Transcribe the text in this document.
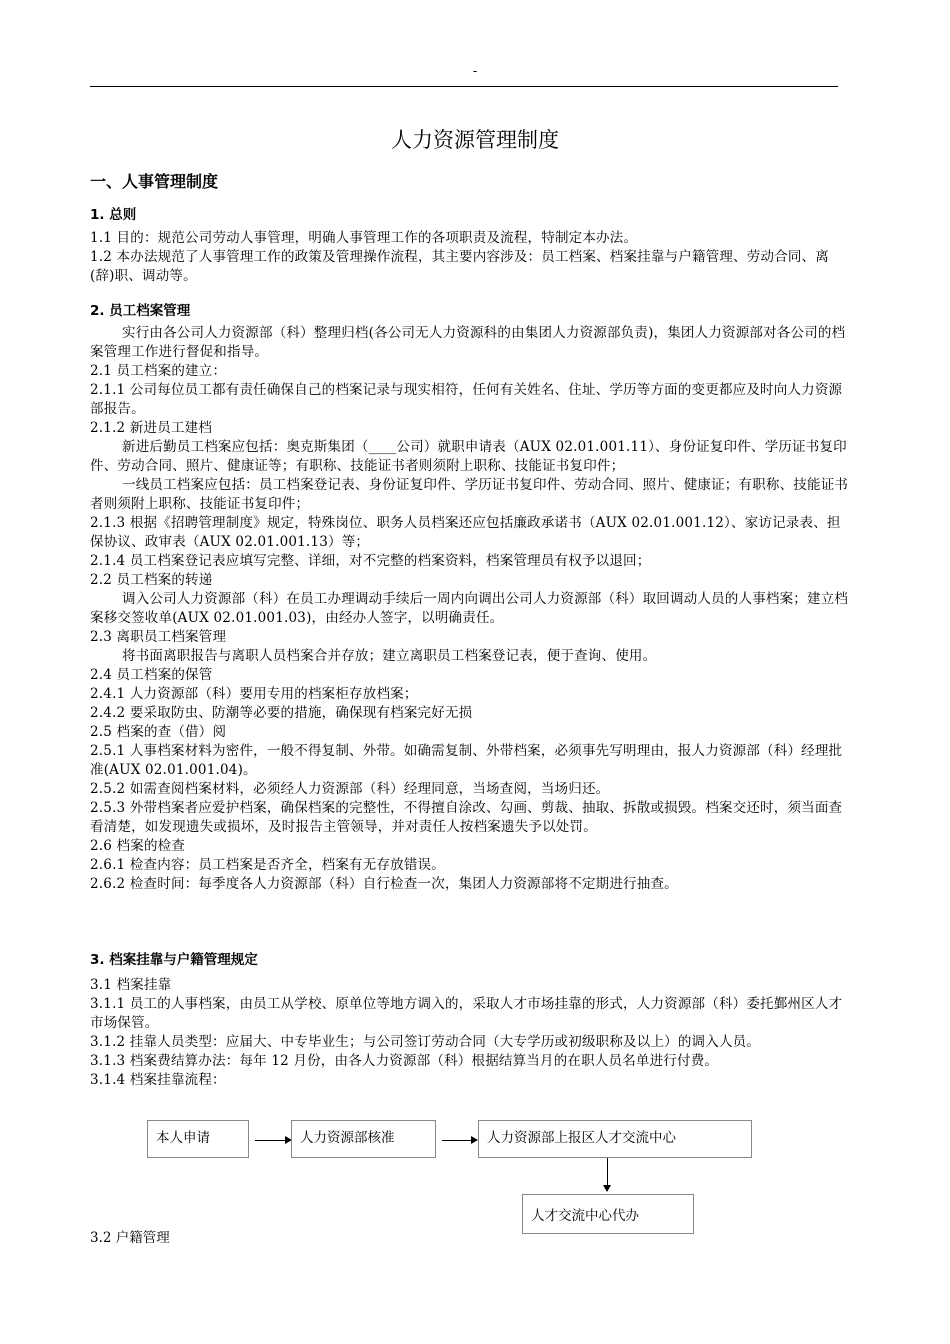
-
人力资源管理制度
一、人事管理制度
1. 总则

1.1 目的：规范公司劳动人事管理，明确人事管理工作的各项职责及流程，特制定本办法。

1.2 本办法规范了人事管理工作的政策及管理操作流程，其主要内容涉及：员工档案、档案挂靠与户籍管理、劳动合同、离(辞)职、调动等。

2. 员工档案管理

实行由各公司人力资源部（科）整理归档(各公司无人力资源科的由集团人力资源部负责)，集团人力资源部对各公司的档案管理工作进行督促和指导。

2.1 员工档案的建立：

2.1.1 公司每位员工都有责任确保自己的档案记录与现实相符，任何有关姓名、住址、学历等方面的变更都应及时向人力资源部报告。

2.1.2 新进员工建档

新进后勤员工档案应包括：奥克斯集团（____公司）就职申请表（AUX 02.01.001.11）、身份证复印件、学历证书复印件、劳动合同、照片、健康证等；有职称、技能证书者则须附上职称、技能证书复印件；

一线员工档案应包括：员工档案登记表、身份证复印件、学历证书复印件、劳动合同、照片、健康证；有职称、技能证书者则须附上职称、技能证书复印件；

2.1.3 根据《招聘管理制度》规定，特殊岗位、职务人员档案还应包括廉政承诺书（AUX 02.01.001.12）、家访记录表、担保协议、政审表（AUX 02.01.001.13）等；

2.1.4 员工档案登记表应填写完整、详细，对不完整的档案资料，档案管理员有权予以退回；

2.2 员工档案的转递

调入公司人力资源部（科）在员工办理调动手续后一周内向调出公司人力资源部（科）取回调动人员的人事档案；建立档案移交签收单(AUX 02.01.001.03)，由经办人签字，以明确责任。

2.3 离职员工档案管理

将书面离职报告与离职人员档案合并存放；建立离职员工档案登记表，便于查询、使用。

2.4 员工档案的保管

2.4.1 人力资源部（科）要用专用的档案柜存放档案；

2.4.2 要采取防虫、防潮等必要的措施，确保现有档案完好无损

2.5 档案的查（借）阅

2.5.1 人事档案材料为密件，一般不得复制、外带。如确需复制、外带档案，必须事先写明理由，报人力资源部（科）经理批准(AUX 02.01.001.04)。

2.5.2 如需查阅档案材料，必须经人力资源部（科）经理同意，当场查阅，当场归还。

2.5.3 外带档案者应爱护档案，确保档案的完整性，不得擅自涂改、勾画、剪裁、抽取、拆散或损毁。档案交还时，须当面查看清楚，如发现遗失或损坏，及时报告主管领导，并对责任人按档案遗失予以处罚。

2.6 档案的检查

2.6.1 检查内容：员工档案是否齐全，档案有无存放错误。

2.6.2 检查时间：每季度各人力资源部（科）自行检查一次，集团人力资源部将不定期进行抽查。

3. 档案挂靠与户籍管理规定

3.1 档案挂靠

3.1.1 员工的人事档案，由员工从学校、原单位等地方调入的，采取人才市场挂靠的形式，人力资源部（科）委托鄞州区人才市场保管。

3.1.2 挂靠人员类型：应届大、中专毕业生；与公司签订劳动合同（大专学历或初级职称及以上）的调入人员。

3.1.3 档案费结算办法：每年 12 月份，由各人力资源部（科）根据结算当月的在职人员名单进行付费。

3.1.4 档案挂靠流程：

本人申请	人力资源部核准	人力资源部上报区人才交流中心
人才交流中心代办
3.2 户籍管理
